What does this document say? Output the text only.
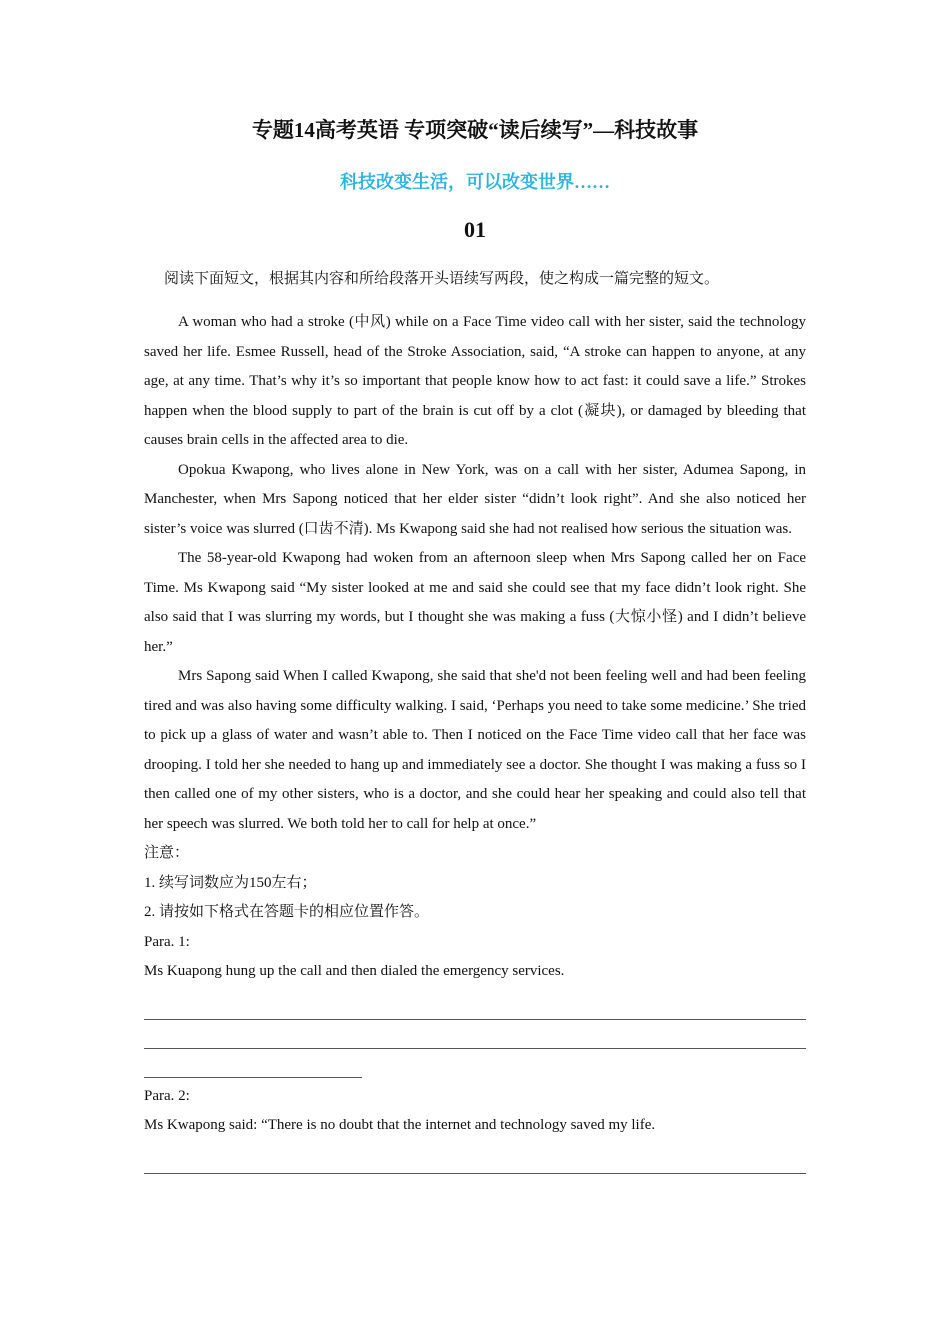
专题14高考英语 专项突破“读后续写”—科技故事
科技改变生活，可以改变世界……
01
阅读下面短文，根据其内容和所给段落开头语续写两段，使之构成一篇完整的短文。

A woman who had a stroke (中风) while on a Face Time video call with her sister, said the technology saved her life. Esmee Russell, head of the Stroke Association, said, “A stroke can happen to anyone, at any age, at any time. That’s why it’s so important that people know how to act fast: it could save a life.” Strokes happen when the blood supply to part of the brain is cut off by a clot (凝块), or damaged by bleeding that causes brain cells in the affected area to die.

Opokua Kwapong, who lives alone in New York, was on a call with her sister, Adumea Sapong, in Manchester, when Mrs Sapong noticed that her elder sister “didn’t look right”. And she also noticed her sister’s voice was slurred (口齿不清). Ms Kwapong said she had not realised how serious the situation was.

The 58-year-old Kwapong had woken from an afternoon sleep when Mrs Sapong called her on Face Time. Ms Kwapong said “My sister looked at me and said she could see that my face didn’t look right. She also said that I was slurring my words, but I thought she was making a fuss (大惊小怪) and I didn’t believe her.”

Mrs Sapong said When I called Kwapong, she said that she'd not been feeling well and had been feeling tired and was also having some difficulty walking. I said, ‘Perhaps you need to take some medicine.’ She tried to pick up a glass of water and wasn’t able to. Then I noticed on the Face Time video call that her face was drooping. I told her she needed to hang up and immediately see a doctor. She thought I was making a fuss so I then called one of my other sisters, who is a doctor, and she could hear her speaking and could also tell that her speech was slurred. We both told her to call for help at once.”

注意：

1. 续写词数应为150左右；

2. 请按如下格式在答题卡的相应位置作答。

Para. 1:

Ms Kuapong hung up the call and then dialed the emergency services.

Para. 2:

Ms Kwapong said: “There is no doubt that the internet and technology saved my life.
